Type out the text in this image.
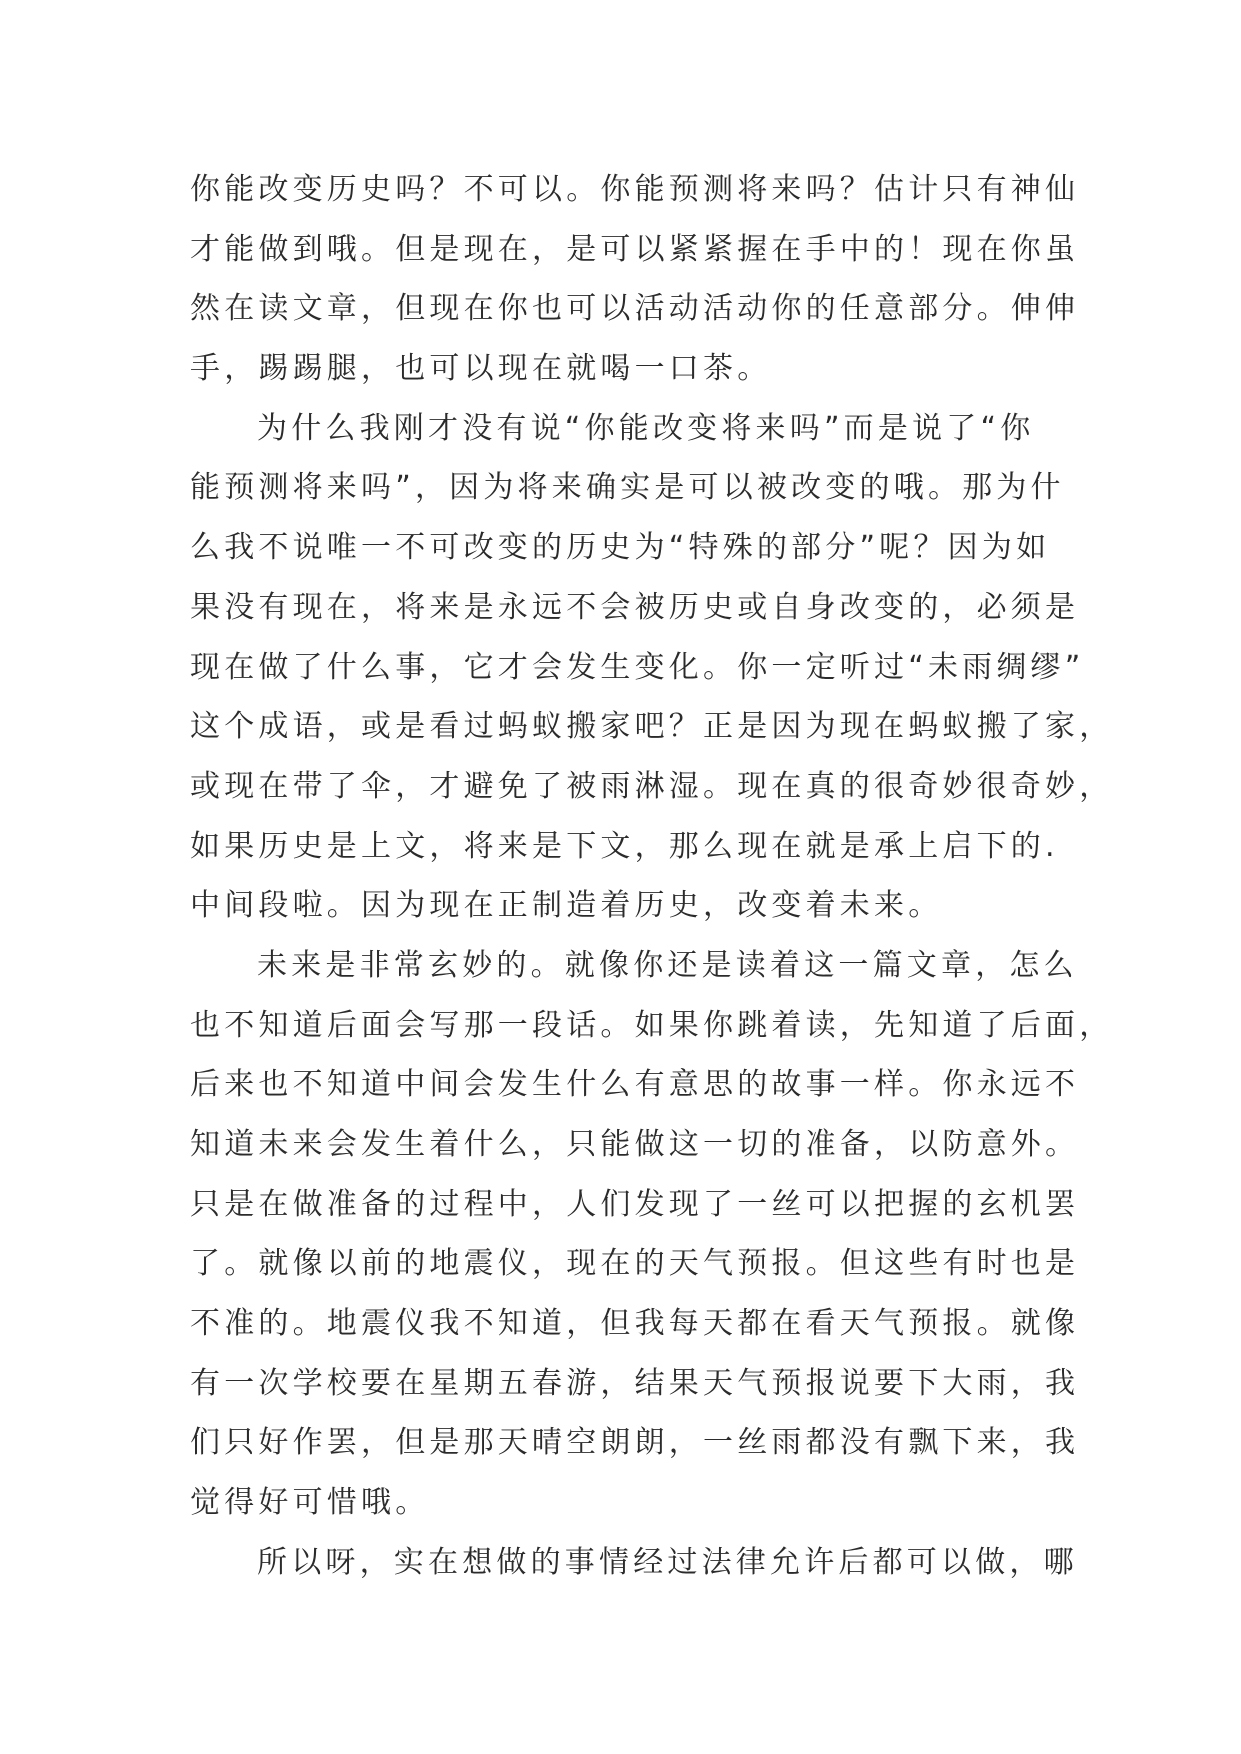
你能改变历史吗？不可以。你能预测将来吗？估计只有神仙
才能做到哦。但是现在，是可以紧紧握在手中的！现在你虽
然在读文章，但现在你也可以活动活动你的任意部分。伸伸
手，踢踢腿，也可以现在就喝一口茶。
为什么我刚才没有说“你能改变将来吗”而是说了“你
能预测将来吗”，因为将来确实是可以被改变的哦。那为什
么我不说唯一不可改变的历史为“特殊的部分”呢？因为如
果没有现在，将来是永远不会被历史或自身改变的，必须是
现在做了什么事，它才会发生变化。你一定听过“未雨绸缪”
这个成语，或是看过蚂蚁搬家吧？正是因为现在蚂蚁搬了家，
或现在带了伞，才避免了被雨淋湿。现在真的很奇妙很奇妙，
如果历史是上文，将来是下文，那么现在就是承上启下的.
中间段啦。因为现在正制造着历史，改变着未来。
未来是非常玄妙的。就像你还是读着这一篇文章，怎么
也不知道后面会写那一段话。如果你跳着读，先知道了后面，
后来也不知道中间会发生什么有意思的故事一样。你永远不
知道未来会发生着什么，只能做这一切的准备，以防意外。
只是在做准备的过程中，人们发现了一丝可以把握的玄机罢
了。就像以前的地震仪，现在的天气预报。但这些有时也是
不准的。地震仪我不知道，但我每天都在看天气预报。就像
有一次学校要在星期五春游，结果天气预报说要下大雨，我
们只好作罢，但是那天晴空朗朗，一丝雨都没有飘下来，我
觉得好可惜哦。
所以呀，实在想做的事情经过法律允许后都可以做，哪
